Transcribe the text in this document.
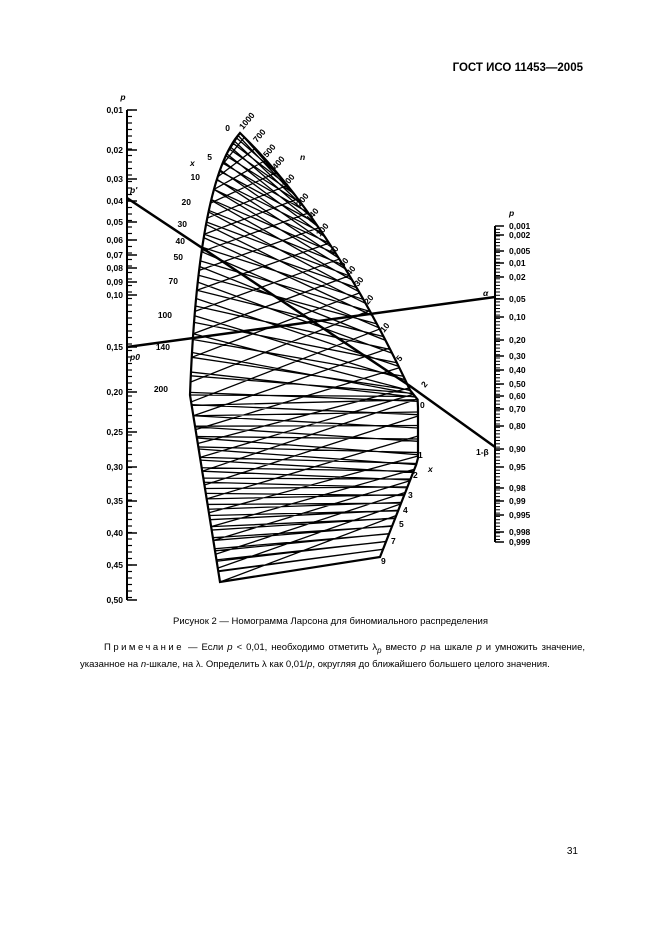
ГОСТ ИСО 11453—2005
0,01
0,02
0,03
0,04
0,05
0,06
0,07
0,08
0,09
0,10
0,15
0,20
0,25
0,30
0,35
0,40
0,45
0,50
p
0,001
0,002
0,005
0,01
0,02
0,05
0,10
0,20
0,30
0,40
0,50
0,60
0,70
0,80
0,90
0,95
0,98
0,99
0,995
0,998
0,999
p
1000
700
500
400
300
200
140
100
70
50
40
30
20
10
5
2
n
0
5
10
20
30
40
50
70
100
140
200
x
0
1
2
3
4
5
7
9
x
p'
p0
α
1-β
Рисунок 2 — Номограмма Ларсона для биномиального распределения
Примечание — Если p < 0,01, необходимо отметить $\lambda_p$ вместо p на шкале p и умножить значение, указанное на n-шкале, на λ. Определить λ как 0,01/p, округляя до ближайшего большего целого значения.
31
